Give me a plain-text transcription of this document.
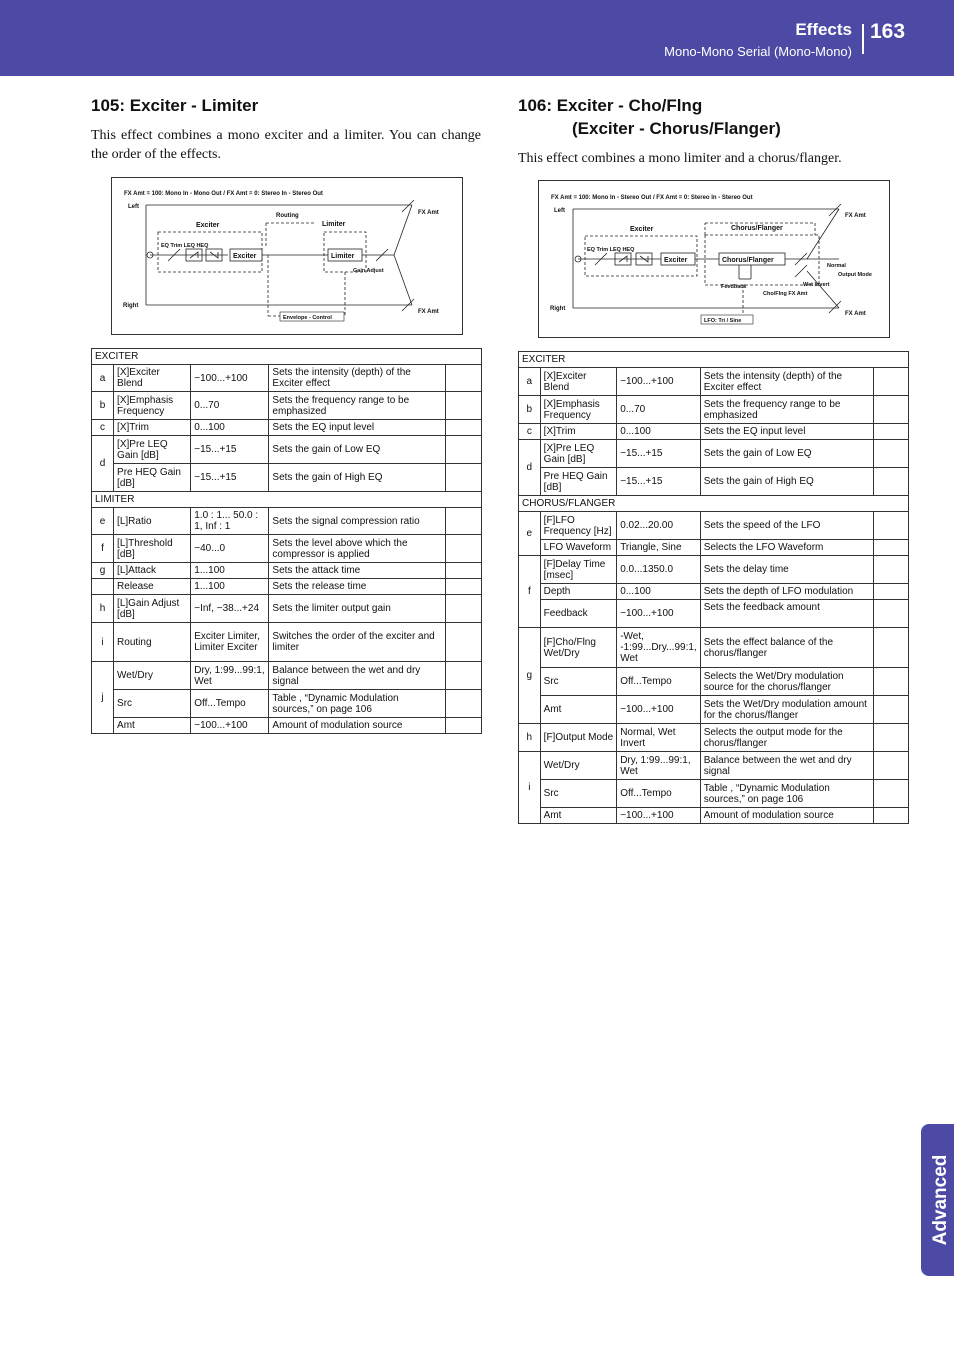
Effects
Mono-Mono Serial (Mono-Mono)
163
Advanced
105: Exciter - Limiter

This effect combines a mono exciter and a limiter. You can change the order of the effects.

FX Amt = 100: Mono In - Mono Out / FX Amt = 0: Stereo In - Stereo Out
Left
Right
Exciter
Routing
Limiter
FX Amt
FX Amt
EQ Trim LEQ HEQ
Gain Adjust
Exciter	Limiter
Envelope - Control
EXCITER				
a	[X]Exciter Blend	−100...+100	Sets the intensity (depth) of the Exciter effect	
b	[X]Emphasis Frequency	0...70	Sets the frequency range to be emphasized	
c	[X]Trim	0...100	Sets the EQ input level	
d	[X]Pre LEQ Gain [dB]	−15...+15	Sets the gain of Low EQ	
	Pre HEQ Gain [dB]	−15...+15	Sets the gain of High EQ	
LIMITER				
e	[L]Ratio	1.0 : 1... 50.0 : 1, Inf : 1	Sets the signal compression ratio	
f	[L]Threshold [dB]	−40...0	Sets the level above which the compressor is applied	
g	[L]Attack	1...100	Sets the attack time	
	Release	1...100	Sets the release time	
h	[L]Gain Adjust [dB]	−Inf, −38...+24	Sets the limiter output gain	
i	Routing	Exciter Limiter, Limiter Exciter	Switches the order of the exciter and limiter	
j	Wet/Dry	Dry, 1:99...99:1, Wet	Balance between the wet and dry signal	
	Src	Off...Tempo	Table , “Dynamic Modulation sources,” on page 106	
	Amt	−100...+100	Amount of modulation source	
106: Exciter - Cho/Flng
(Exciter - Chorus/Flanger)

This effect combines a mono limiter and a chorus/flanger.

FX Amt = 100: Mono In - Stereo Out / FX Amt = 0: Stereo In - Stereo Out
Left
Right
Exciter	Chorus/Flanger
FX Amt
FX Amt
EQ Trim LEQ HEQ
Feedback	Wet Invert
Normal
Output Mode
Cho/Flng FX Amt
Exciter	Chorus/Flanger
LFO: Tri / Sine
EXCITER				
a	[X]Exciter Blend	−100...+100	Sets the intensity (depth) of the Exciter effect	
b	[X]Emphasis Frequency	0...70	Sets the frequency range to be emphasized	
c	[X]Trim	0...100	Sets the EQ input level	
d	[X]Pre LEQ Gain [dB]	−15...+15	Sets the gain of Low EQ	
	Pre HEQ Gain [dB]	−15...+15	Sets the gain of High EQ	
CHORUS/FLANGER				
e	[F]LFO Frequency [Hz]	0.02...20.00	Sets the speed of the LFO	
	LFO Waveform	Triangle, Sine	Selects the LFO Waveform	
f	[F]Delay Time [msec]	0.0...1350.0	Sets the delay time	
	Depth	0...100	Sets the depth of LFO modulation	
	Feedback	−100...+100	Sets the feedback amount	
g	[F]Cho/Flng Wet/Dry	-Wet, -1:99...Dry...99:1, Wet	Sets the effect balance of the chorus/flanger	
	Src	Off...Tempo	Selects the Wet/Dry modulation source for the chorus/flanger	
	Amt	−100...+100	Sets the Wet/Dry modulation amount for the chorus/flanger	
h	[F]Output Mode	Normal, Wet Invert	Selects the output mode for the chorus/flanger	
i	Wet/Dry	Dry, 1:99...99:1, Wet	Balance between the wet and dry signal	
	Src	Off...Tempo	Table , “Dynamic Modulation sources,” on page 106	
	Amt	−100...+100	Amount of modulation source	
